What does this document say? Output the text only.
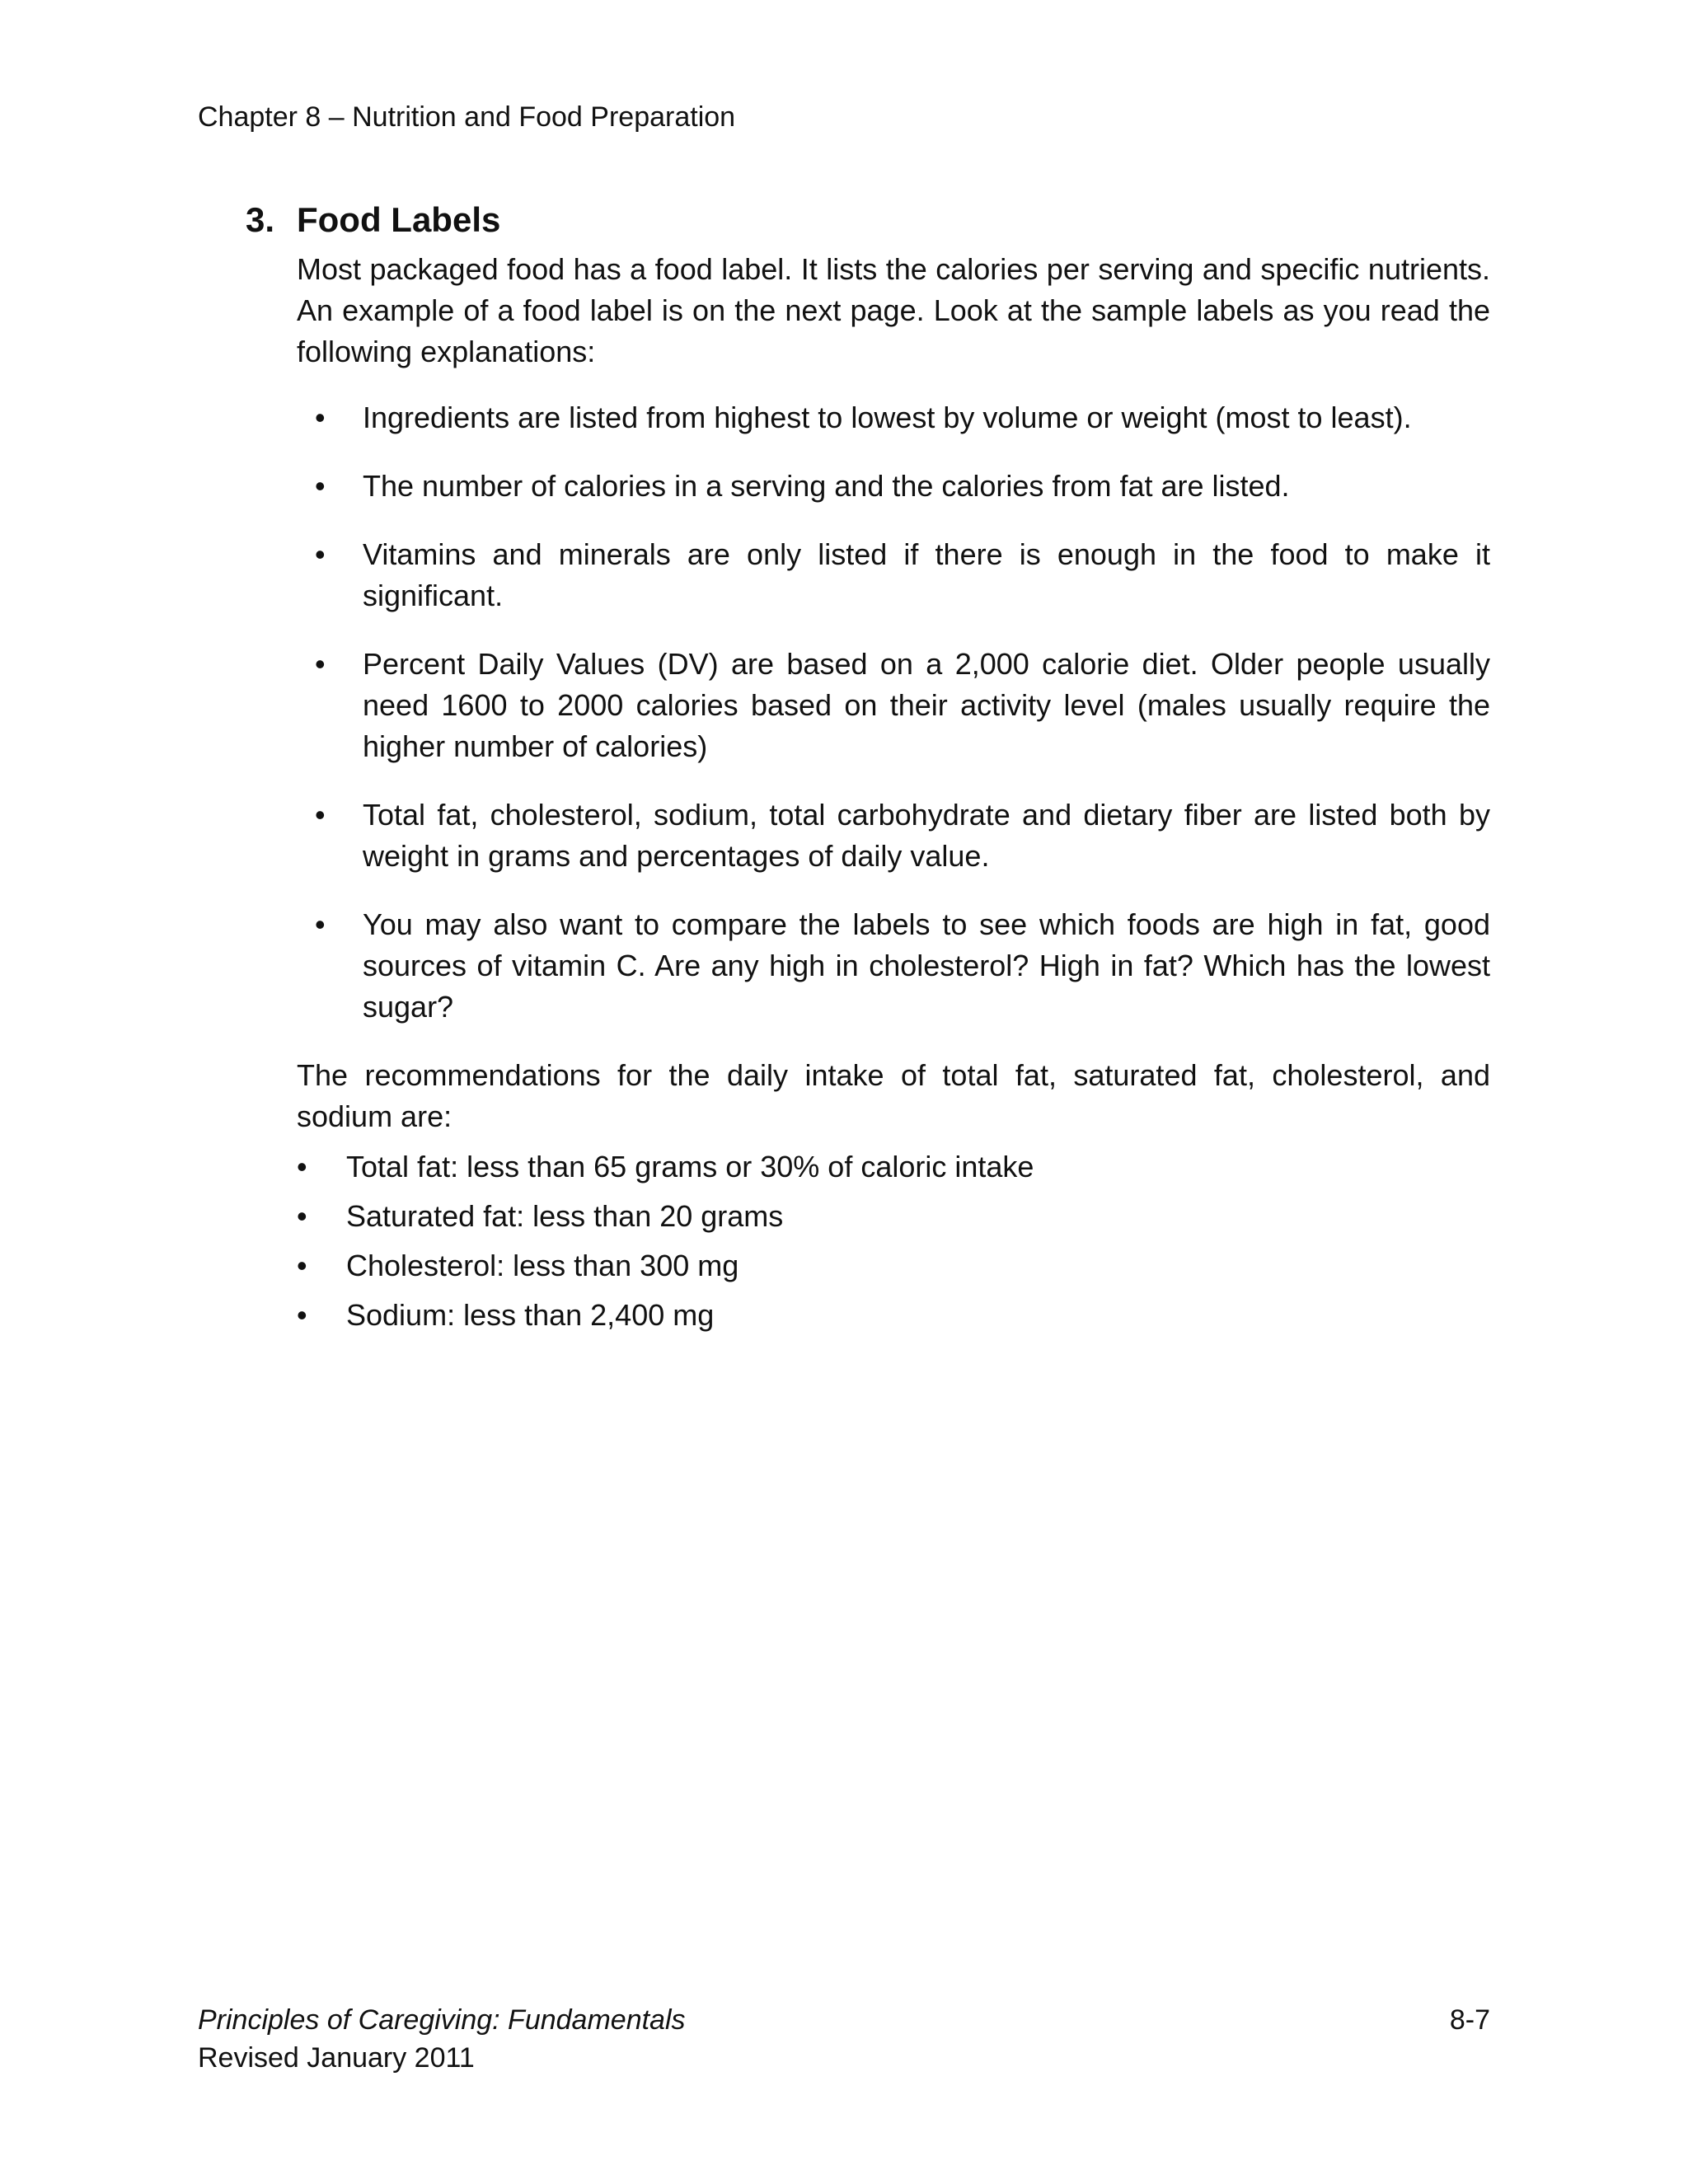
Chapter 8 – Nutrition and Food Preparation
3. Food Labels

Most packaged food has a food label. It lists the calories per serving and specific nutrients. An example of a food label is on the next page. Look at the sample labels as you read the following explanations:

•	Ingredients are listed from highest to lowest by volume or weight (most to least).
•	The number of calories in a serving and the calories from fat are listed.
•	Vitamins and minerals are only listed if there is enough in the food to make it significant.
•	Percent Daily Values (DV) are based on a 2,000 calorie diet. Older people usually need 1600 to 2000 calories based on their activity level (males usually require the higher number of calories)
•	Total fat, cholesterol, sodium, total carbohydrate and dietary fiber are listed both by weight in grams and percentages of daily value.
•	You may also want to compare the labels to see which foods are high in fat, good sources of vitamin C. Are any high in cholesterol? High in fat? Which has the lowest sugar?

The recommendations for the daily intake of total fat, saturated fat, cholesterol, and sodium are:

•	Total fat: less than 65 grams or 30% of caloric intake
•	Saturated fat: less than 20 grams
•	Cholesterol: less than 300 mg
•	Sodium: less than 2,400 mg
Principles of Caregiving: Fundamentals	8-7
Revised January 2011
